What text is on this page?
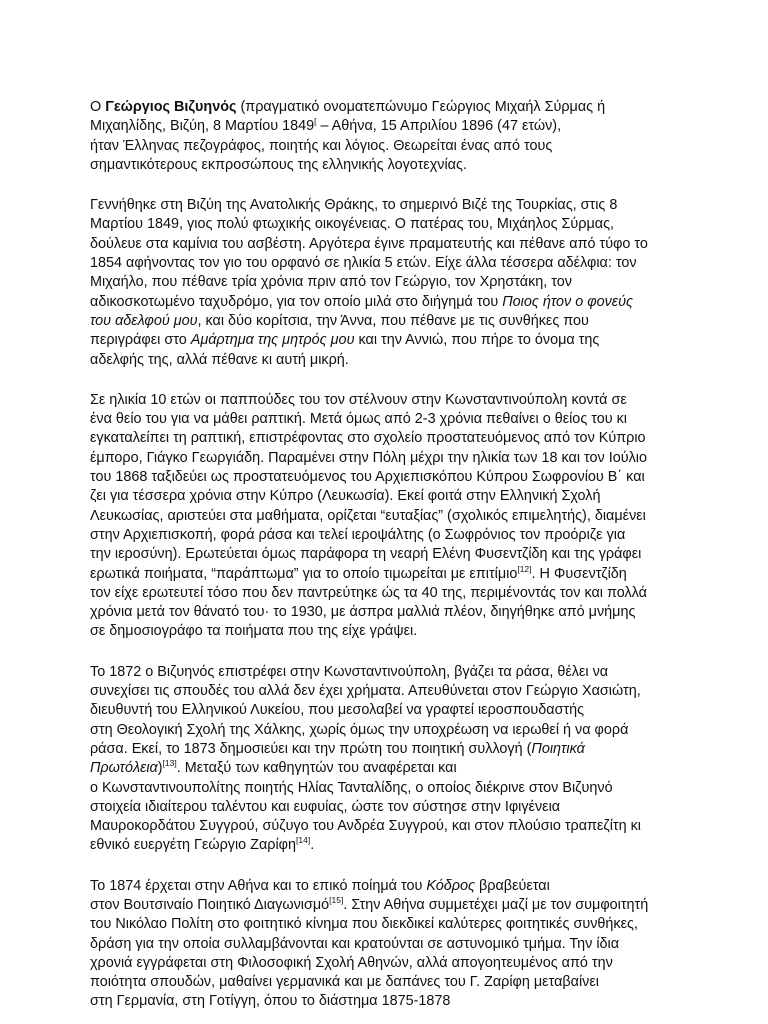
Ο Γεώργιος Βιζυηνός (πραγματικό ονοματεπώνυμο Γεώργιος Μιχαήλ Σύρμας ή
Μιχαηλίδης, Βιζύη, 8 Μαρτίου 1849[ – Αθήνα, 15 Απριλίου 1896 (47 ετών),
ήταν Έλληνας πεζογράφος, ποιητής και λόγιος. Θεωρείται ένας από τους
σημαντικότερους εκπροσώπους της ελληνικής λογοτεχνίας.

Γεννήθηκε στη Βιζύη της Ανατολικής Θράκης, το σημερινό Βιζέ της Τουρκίας, στις 8
Μαρτίου 1849, γιος πολύ φτωχικής οικογένειας. Ο πατέρας του, Μιχάηλος Σύρμας,
δούλευε στα καμίνια του ασβέστη. Αργότερα έγινε πραματευτής και πέθανε από τύφο το
1854 αφήνοντας τον γιο του ορφανό σε ηλικία 5 ετών. Είχε άλλα τέσσερα αδέλφια: τον
Μιχαήλο, που πέθανε τρία χρόνια πριν από τον Γεώργιο, τον Χρηστάκη, τον
αδικοσκοτωμένο ταχυδρόμο, για τον οποίο μιλά στο διήγημά του Ποιος ήτον ο φονεύς
του αδελφού μου, και δύο κορίτσια, την Άννα, που πέθανε με τις συνθήκες που
περιγράφει στο Αμάρτημα της μητρός μου και την Αννιώ, που πήρε το όνομα της
αδελφής της, αλλά πέθανε κι αυτή μικρή.

Σε ηλικία 10 ετών οι παππούδες του τον στέλνουν στην Κωνσταντινούπολη κοντά σε
ένα θείο του για να μάθει ραπτική. Μετά όμως από 2-3 χρόνια πεθαίνει ο θείος του κι
εγκαταλείπει τη ραπτική, επιστρέφοντας στο σχολείο προστατευόμενος από τον Κύπριο
έμπορο, Γιάγκο Γεωργιάδη. Παραμένει στην Πόλη μέχρι την ηλικία των 18 και τον Ιούλιο
του 1868 ταξιδεύει ως προστατευόμενος του Αρχιεπισκόπου Κύπρου Σωφρονίου Β΄ και
ζει για τέσσερα χρόνια στην Κύπρο (Λευκωσία). Εκεί φοιτά στην Ελληνική Σχολή
Λευκωσίας, αριστεύει στα μαθήματα, ορίζεται “ευταξίας” (σχολικός επιμελητής), διαμένει
στην Αρχιεπισκοπή, φορά ράσα και τελεί ιεροψάλτης (ο Σωφρόνιος τον προόριζε για
την ιεροσύνη). Ερωτεύεται όμως παράφορα τη νεαρή Ελένη Φυσεντζίδη και της γράφει
ερωτικά ποιήματα, “παράπτωμα” για το οποίο τιμωρείται με επιτίμιο[12]. Η Φυσεντζίδη
τον είχε ερωτευτεί τόσο που δεν παντρεύτηκε ώς τα 40 της, περιμένοντάς τον και πολλά
χρόνια μετά τον θάνατό του· το 1930, με άσπρα μαλλιά πλέον, διηγήθηκε από μνήμης
σε δημοσιογράφο τα ποιήματα που της είχε γράψει.

Το 1872 ο Βιζυηνός επιστρέφει στην Κωνσταντινούπολη, βγάζει τα ράσα, θέλει να
συνεχίσει τις σπουδές του αλλά δεν έχει χρήματα. Απευθύνεται στον Γεώργιο Χασιώτη,
διευθυντή του Ελληνικού Λυκείου, που μεσολαβεί να γραφτεί ιεροσπουδαστής
στη Θεολογική Σχολή της Χάλκης, χωρίς όμως την υποχρέωση να ιερωθεί ή να φορά
ράσα. Εκεί, το 1873 δημοσιεύει και την πρώτη του ποιητική συλλογή (Ποιητικά
Πρωτόλεια)[13]. Μεταξύ των καθηγητών του αναφέρεται και
ο Κωνσταντινουπολίτης ποιητής Ηλίας Τανταλίδης, ο οποίος διέκρινε στον Βιζυηνό
στοιχεία ιδιαίτερου ταλέντου και ευφυίας, ώστε τον σύστησε στην Ιφιγένεια
Μαυροκορδάτου Συγγρού, σύζυγο του Ανδρέα Συγγρού, και στον πλούσιο τραπεζίτη κι
εθνικό ευεργέτη Γεώργιο Ζαρίφη[14].

Το 1874 έρχεται στην Αθήνα και το επικό ποίημά του Κόδρος βραβεύεται
στον Βουτσιναίο Ποιητικό Διαγωνισμό[15]. Στην Αθήνα συμμετέχει μαζί με τον συμφοιτητή
του Νικόλαο Πολίτη στο φοιτητικό κίνημα που διεκδικεί καλύτερες φοιτητικές συνθήκες,
δράση για την οποία συλλαμβάνονται και κρατούνται σε αστυνομικό τμήμα. Την ίδια
χρονιά εγγράφεται στη Φιλοσοφική Σχολή Αθηνών, αλλά απογοητευμένος από την
ποιότητα σπουδών, μαθαίνει γερμανικά και με δαπάνες του Γ. Ζαρίφη μεταβαίνει
στη Γερμανία, στη Γοτίγγη, όπου το διάστημα 1875-1878
